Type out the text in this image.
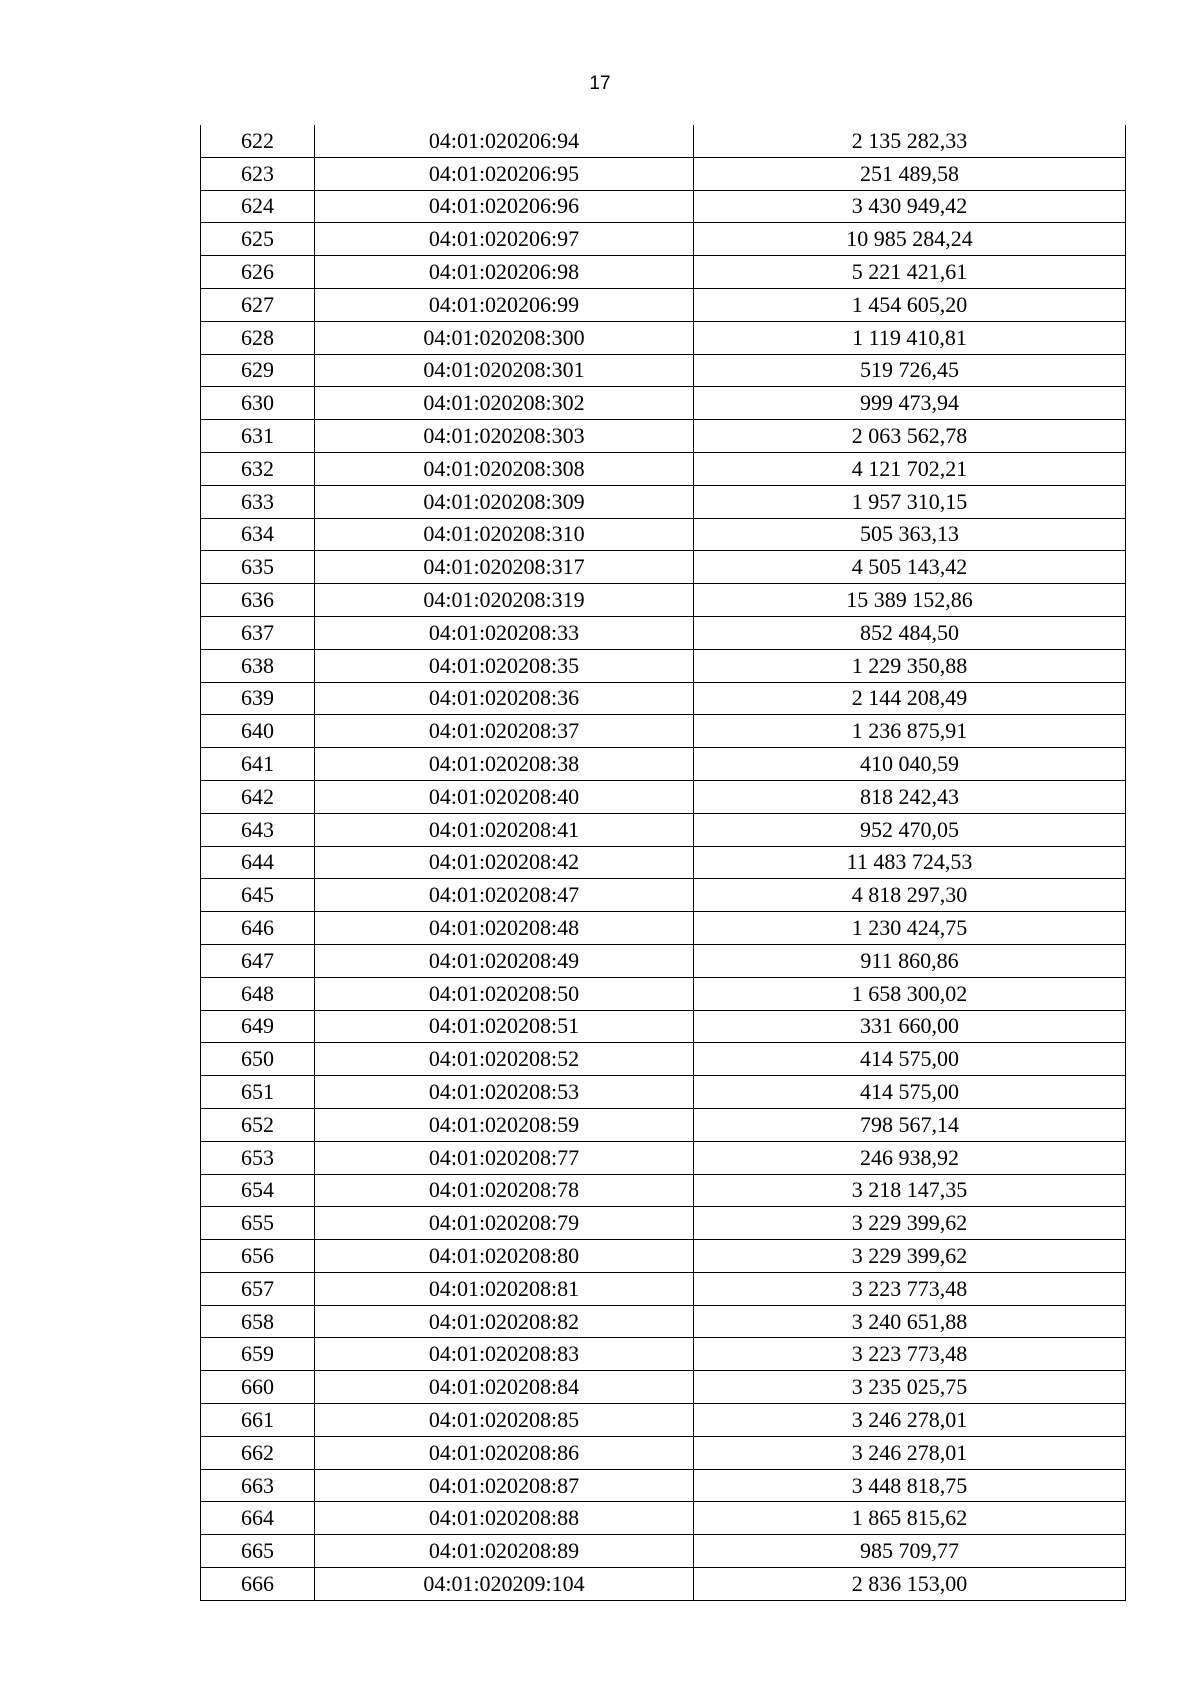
17
622	04:01:020206:94	2 135 282,33
623	04:01:020206:95	251 489,58
624	04:01:020206:96	3 430 949,42
625	04:01:020206:97	10 985 284,24
626	04:01:020206:98	5 221 421,61
627	04:01:020206:99	1 454 605,20
628	04:01:020208:300	1 119 410,81
629	04:01:020208:301	519 726,45
630	04:01:020208:302	999 473,94
631	04:01:020208:303	2 063 562,78
632	04:01:020208:308	4 121 702,21
633	04:01:020208:309	1 957 310,15
634	04:01:020208:310	505 363,13
635	04:01:020208:317	4 505 143,42
636	04:01:020208:319	15 389 152,86
637	04:01:020208:33	852 484,50
638	04:01:020208:35	1 229 350,88
639	04:01:020208:36	2 144 208,49
640	04:01:020208:37	1 236 875,91
641	04:01:020208:38	410 040,59
642	04:01:020208:40	818 242,43
643	04:01:020208:41	952 470,05
644	04:01:020208:42	11 483 724,53
645	04:01:020208:47	4 818 297,30
646	04:01:020208:48	1 230 424,75
647	04:01:020208:49	911 860,86
648	04:01:020208:50	1 658 300,02
649	04:01:020208:51	331 660,00
650	04:01:020208:52	414 575,00
651	04:01:020208:53	414 575,00
652	04:01:020208:59	798 567,14
653	04:01:020208:77	246 938,92
654	04:01:020208:78	3 218 147,35
655	04:01:020208:79	3 229 399,62
656	04:01:020208:80	3 229 399,62
657	04:01:020208:81	3 223 773,48
658	04:01:020208:82	3 240 651,88
659	04:01:020208:83	3 223 773,48
660	04:01:020208:84	3 235 025,75
661	04:01:020208:85	3 246 278,01
662	04:01:020208:86	3 246 278,01
663	04:01:020208:87	3 448 818,75
664	04:01:020208:88	1 865 815,62
665	04:01:020208:89	985 709,77
666	04:01:020209:104	2 836 153,00
